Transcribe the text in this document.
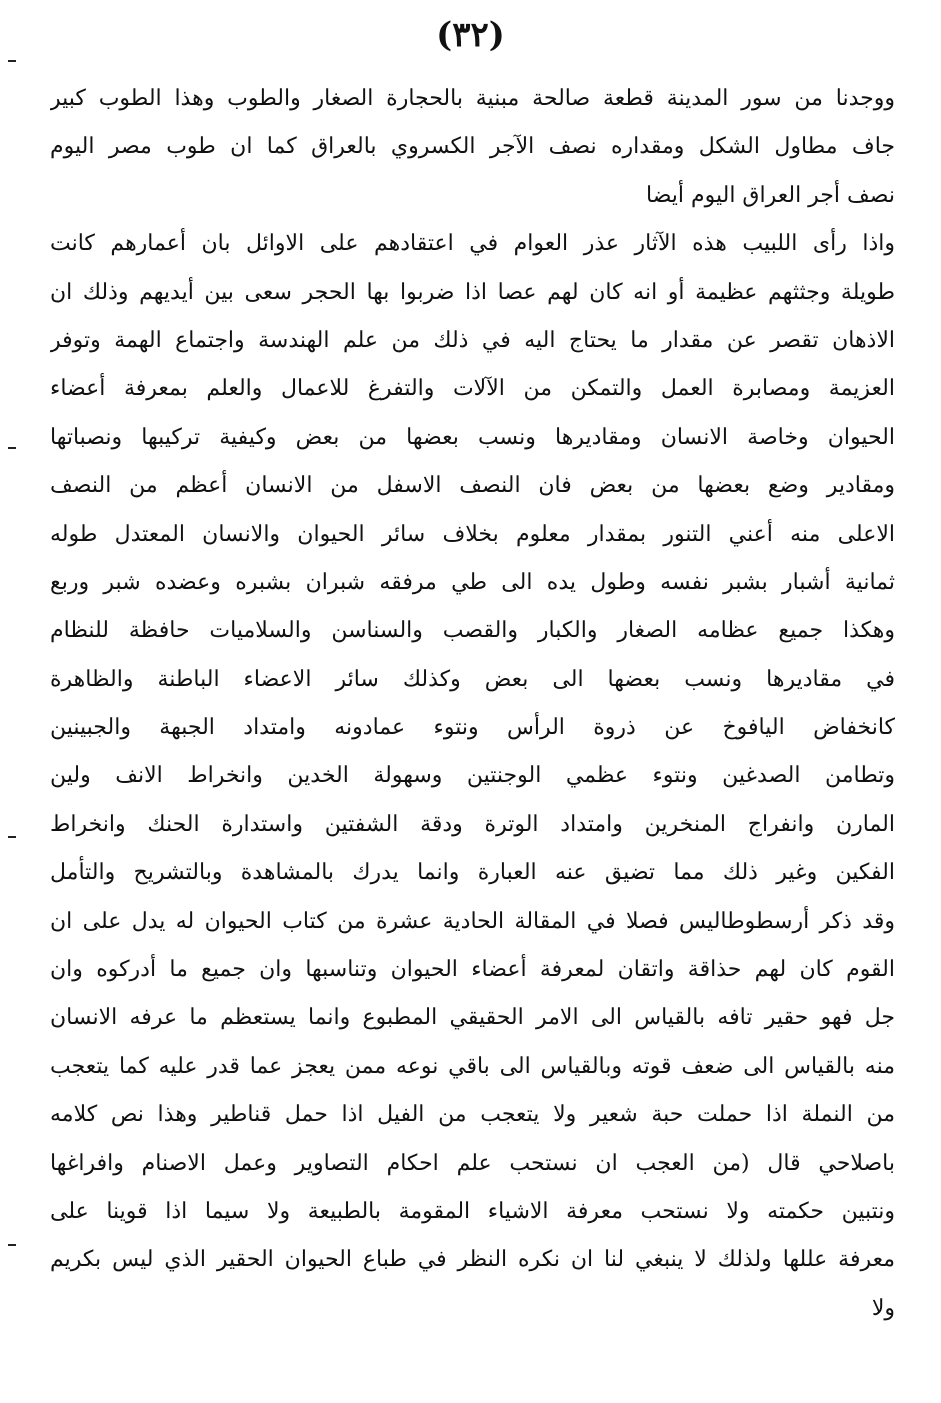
(٣٢)
ووجدنا من سور المدينة قطعة صالحة مبنية بالحجارة الصغار والطوب وهذا الطوب كبير
جاف مطاول الشكل ومقداره نصف الآجر الكسروي بالعراق كما ان طوب مصر اليوم
نصف أجر العراق اليوم أيضا
واذا رأى اللبيب هذه الآثار عذر العوام في اعتقادهم على الاوائل بان أعمارهم كانت
طويلة وجثثهم عظيمة أو انه كان لهم عصا اذا ضربوا بها الحجر سعى بين أيديهم وذلك ان
الاذهان تقصر عن مقدار ما يحتاج اليه في ذلك من علم الهندسة واجتماع الهمة وتوفر
العزيمة ومصابرة العمل والتمكن من الآلات والتفرغ للاعمال والعلم بمعرفة أعضاء
الحيوان وخاصة الانسان ومقاديرها ونسب بعضها من بعض وكيفية تركيبها ونصباتها
ومقادير وضع بعضها من بعض فان النصف الاسفل من الانسان أعظم من النصف
الاعلى منه أعني التنور بمقدار معلوم بخلاف سائر الحيوان والانسان المعتدل طوله
ثمانية أشبار بشبر نفسه وطول يده الى طي مرفقه شبران بشبره وعضده شبر وربع
وهكذا جميع عظامه الصغار والكبار والقصب والسناسن والسلاميات حافظة للنظام
في مقاديرها ونسب بعضها الى بعض وكذلك سائر الاعضاء الباطنة والظاهرة
كانخفاض اليافوخ عن ذروة الرأس ونتوء عمادونه وامتداد الجبهة والجبينين
وتطامن الصدغين ونتوء عظمي الوجنتين وسهولة الخدين وانخراط الانف ولين
المارن وانفراج المنخرين وامتداد الوترة ودقة الشفتين واستدارة الحنك وانخراط
الفكين وغير ذلك مما تضيق عنه العبارة وانما يدرك بالمشاهدة وبالتشريح والتأمل
وقد ذكر أرسطوطاليس فصلا في المقالة الحادية عشرة من كتاب الحيوان له يدل على ان
القوم كان لهم حذاقة واتقان لمعرفة أعضاء الحيوان وتناسبها وان جميع ما أدركوه وان
جل فهو حقير تافه بالقياس الى الامر الحقيقي المطبوع وانما يستعظم ما عرفه الانسان
منه بالقياس الى ضعف قوته وبالقياس الى باقي نوعه ممن يعجز عما قدر عليه كما يتعجب
من النملة اذا حملت حبة شعير ولا يتعجب من الفيل اذا حمل قناطير وهذا نص كلامه
باصلاحي قال (من العجب ان نستحب علم احكام التصاوير وعمل الاصنام وافراغها
ونتبين حكمته ولا نستحب معرفة الاشياء المقومة بالطبيعة ولا سيما اذا قوينا على
معرفة عللها ولذلك لا ينبغي لنا ان نكره النظر في طباع الحيوان الحقير الذي ليس بكريم
ولا
